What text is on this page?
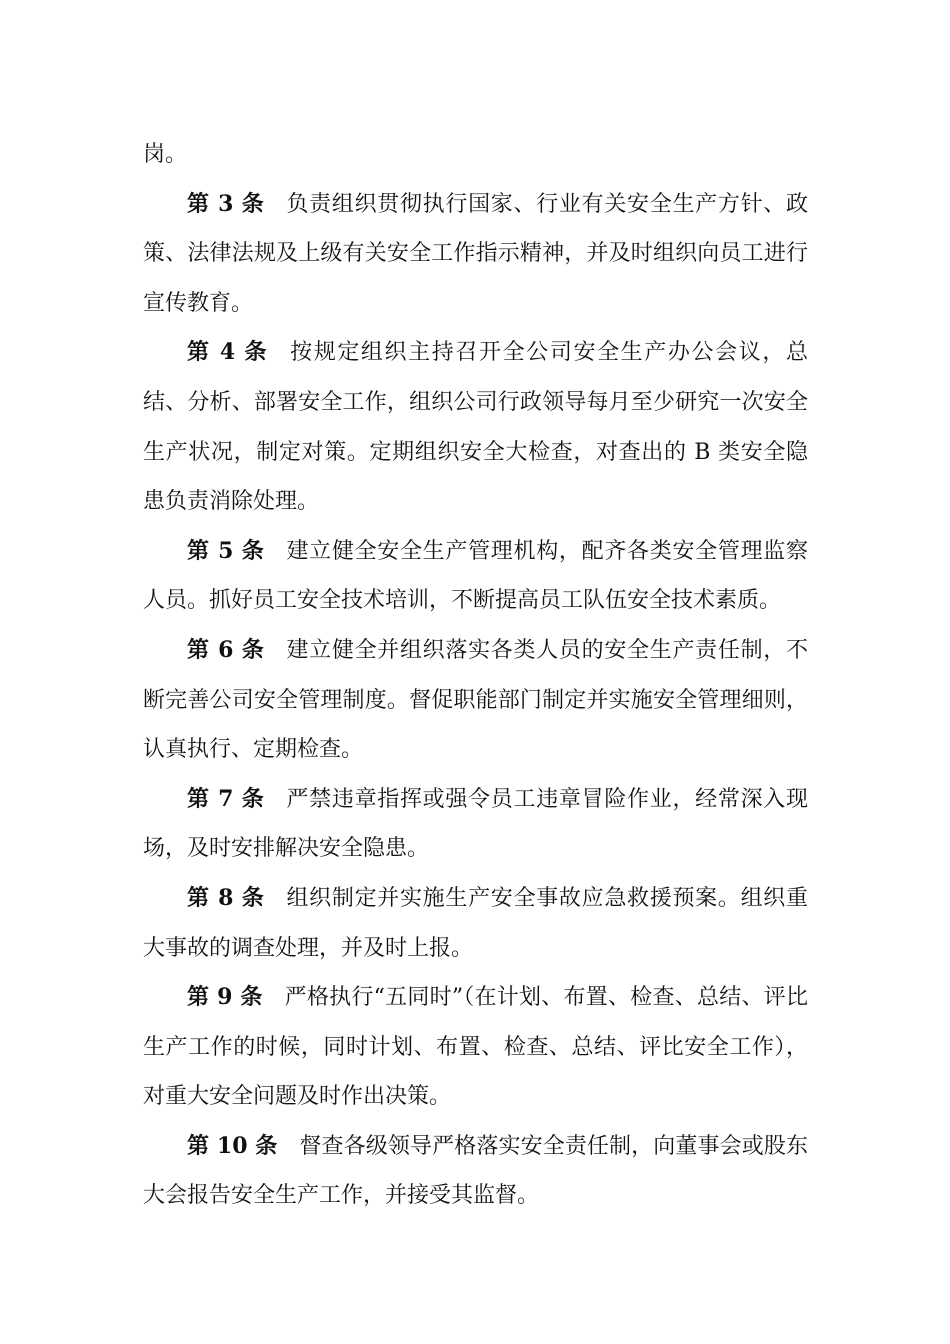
岗。

第 3 条 负责组织贯彻执行国家、行业有关安全生产方针、政策、法律法规及上级有关安全工作指示精神，并及时组织向员工进行宣传教育。

第 4 条 按规定组织主持召开全公司安全生产办公会议，总结、分析、部署安全工作，组织公司行政领导每月至少研究一次安全生产状况，制定对策。定期组织安全大检查，对查出的 B 类安全隐患负责消除处理。

第 5 条 建立健全安全生产管理机构，配齐各类安全管理监察人员。抓好员工安全技术培训，不断提高员工队伍安全技术素质。

第 6 条 建立健全并组织落实各类人员的安全生产责任制，不断完善公司安全管理制度。督促职能部门制定并实施安全管理细则，认真执行、定期检查。

第 7 条 严禁违章指挥或强令员工违章冒险作业，经常深入现场，及时安排解决安全隐患。

第 8 条 组织制定并实施生产安全事故应急救援预案。组织重大事故的调查处理，并及时上报。

第 9 条 严格执行“五同时”（在计划、布置、检查、总结、评比生产工作的时候，同时计划、布置、检查、总结、评比安全工作），对重大安全问题及时作出决策。

第 10 条 督查各级领导严格落实安全责任制，向董事会或股东大会报告安全生产工作，并接受其监督。
